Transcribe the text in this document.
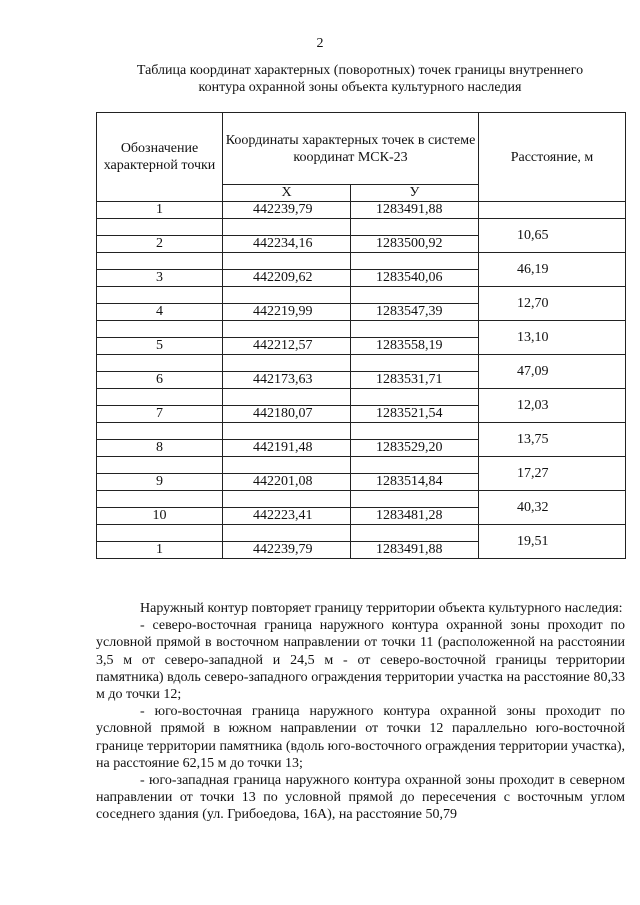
2
Таблица координат характерных (поворотных) точек границы внутреннего
контура охранной зоны объекта культурного наследия
Обозначение характерной точки	Координаты характерных точек в системе координат МСК-23		Расстояние, м
	Х	У	
1	442239,79	1283491,88	
			10,65
2	442234,16	1283500,92	
			46,19
3	442209,62	1283540,06	
			12,70
4	442219,99	1283547,39	
			13,10
5	442212,57	1283558,19	
			47,09
6	442173,63	1283531,71	
			12,03
7	442180,07	1283521,54	
			13,75
8	442191,48	1283529,20	
			17,27
9	442201,08	1283514,84	
			40,32
10	442223,41	1283481,28	
			19,51
1	442239,79	1283491,88	

Наружный контур повторяет границу территории объекта культурного наследия:

- северо-восточная граница наружного контура охранной зоны проходит по условной прямой в восточном направлении от точки 11 (расположенной на расстоянии 3,5 м от северо-западной и 24,5 м - от северо-восточной границы территории памятника) вдоль северо-западного ограждения территории участка на расстояние 80,33 м до точки 12;

- юго-восточная граница наружного контура охранной зоны проходит по условной прямой в южном направлении от точки 12 параллельно юго-восточной границе территории памятника (вдоль юго-восточного ограждения территории участка), на расстояние 62,15 м до точки 13;

- юго-западная граница наружного контура охранной зоны проходит в северном направлении от точки 13 по условной прямой до пересечения с восточным углом соседнего здания (ул. Грибоедова, 16А), на расстояние 50,79
